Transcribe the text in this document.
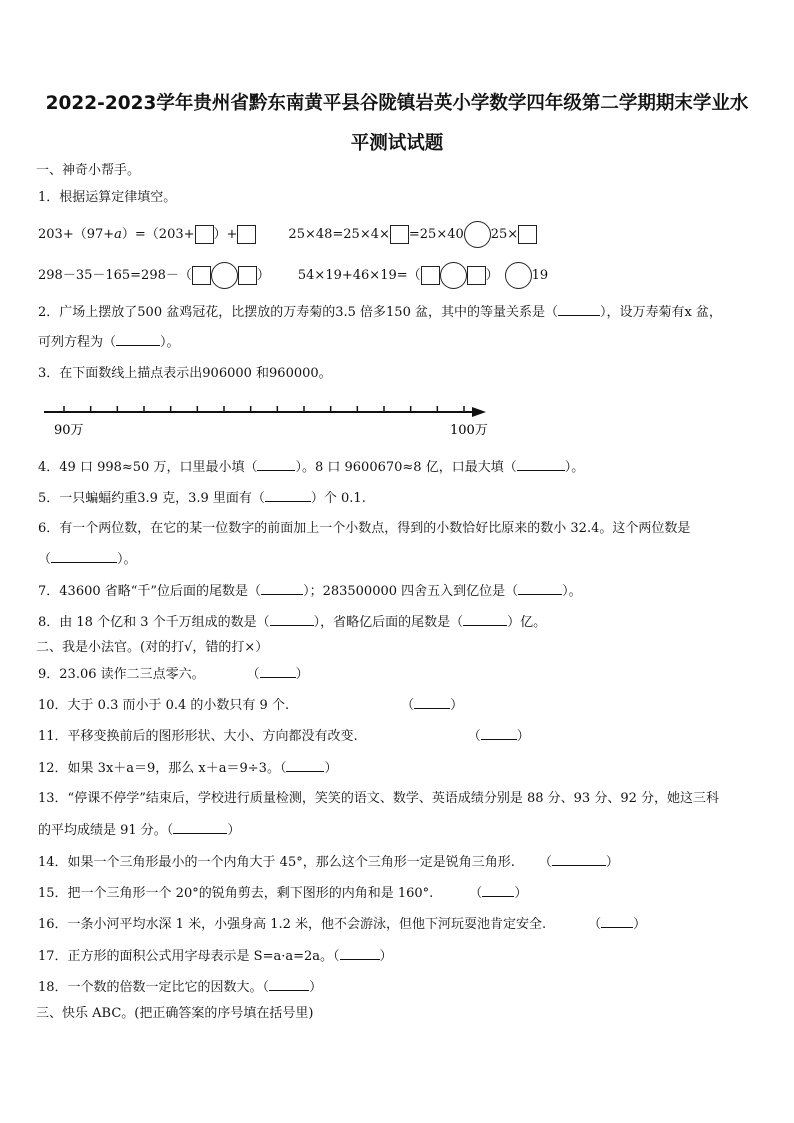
2022-2023学年贵州省黔东南黄平县谷陇镇岩英小学数学四年级第二学期期末学业水
平测试试题
一、神奇小帮手。
1．根据运算定律填空。
203+（97+ a ）=（203+ ）+	25×48=25×4× =25×40 25×
298－35－165=298－（	） 54×19+46×19=（	）	19
2．广场上摆放了500 盆鸡冠花，比摆放的万寿菊的3.5 倍多150 盆，其中的等量关系是（	），设万寿菊有x 盆，
可列方程为（	）。
3．在下面数线上描点表示出906000 和960000。
90万	100万
4．49 口 998≈50 万，口里最小填（	）。8 口 9600670≈8 亿，口最大填（	）。
5．一只蝙蝠约重3.9 克，3.9 里面有（	）个 0.1.
6．有一个两位数，在它的某一位数字的前面加上一个小数点，得到的小数恰好比原来的数小 32.4。这个两位数是
（	）。
7．43600 省略“千”位后面的尾数是（	）；283500000 四舍五入到亿位是（	）。
8．由 18 个亿和 3 个千万组成的数是（	），省略亿后面的尾数是（	）亿。
二、我是小法官。(对的打√，错的打×）
9．23.06 读作二三点零六。	（	）
10．大于 0.3 而小于 0.4 的小数只有 9 个.	（	）
11．平移变换前后的图形形状、大小、方向都没有改变.	（	）
12．如果 3x＋a＝9，那么 x＋a＝9÷3。（	）
13．“停课不停学”结束后，学校进行质量检测，笑笑的语文、数学、英语成绩分别是 88 分、93 分、92 分，她这三科
的平均成绩是 91 分。（	）
14．如果一个三角形最小的一个内角大于 45°，那么这个三角形一定是锐角三角形. （	）
15．把一个三角形一个 20°的锐角剪去，剩下图形的内角和是 160°.	（ ）
16．一条小河平均水深 1 米，小强身高 1.2 米，他不会游泳，但他下河玩耍池肯定安全.	（ ）
17．正方形的面积公式用字母表示是 S=a·a=2a。（	）
18．一个数的倍数一定比它的因数大。（	）
三、快乐 ABC。(把正确答案的序号填在括号里)
